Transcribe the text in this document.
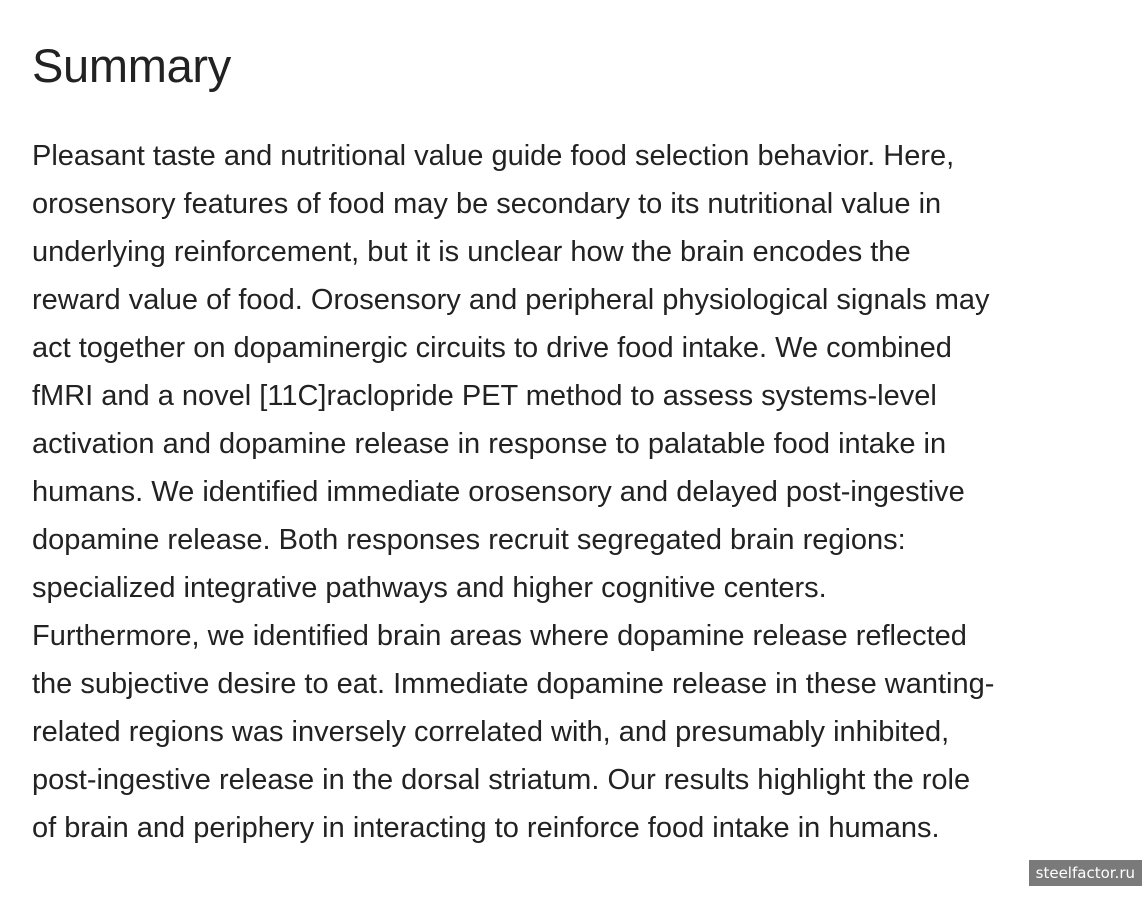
Summary

Pleasant taste and nutritional value guide food selection behavior. Here,
orosensory features of food may be secondary to its nutritional value in
underlying reinforcement, but it is unclear how the brain encodes the
reward value of food. Orosensory and peripheral physiological signals may
act together on dopaminergic circuits to drive food intake. We combined
fMRI and a novel [11C]raclopride PET method to assess systems-level
activation and dopamine release in response to palatable food intake in
humans. We identified immediate orosensory and delayed post-ingestive
dopamine release. Both responses recruit segregated brain regions:
specialized integrative pathways and higher cognitive centers.
Furthermore, we identified brain areas where dopamine release reflected
the subjective desire to eat. Immediate dopamine release in these wanting-
related regions was inversely correlated with, and presumably inhibited,
post-ingestive release in the dorsal striatum. Our results highlight the role
of brain and periphery in interacting to reinforce food intake in humans.

steelfactor.ru
